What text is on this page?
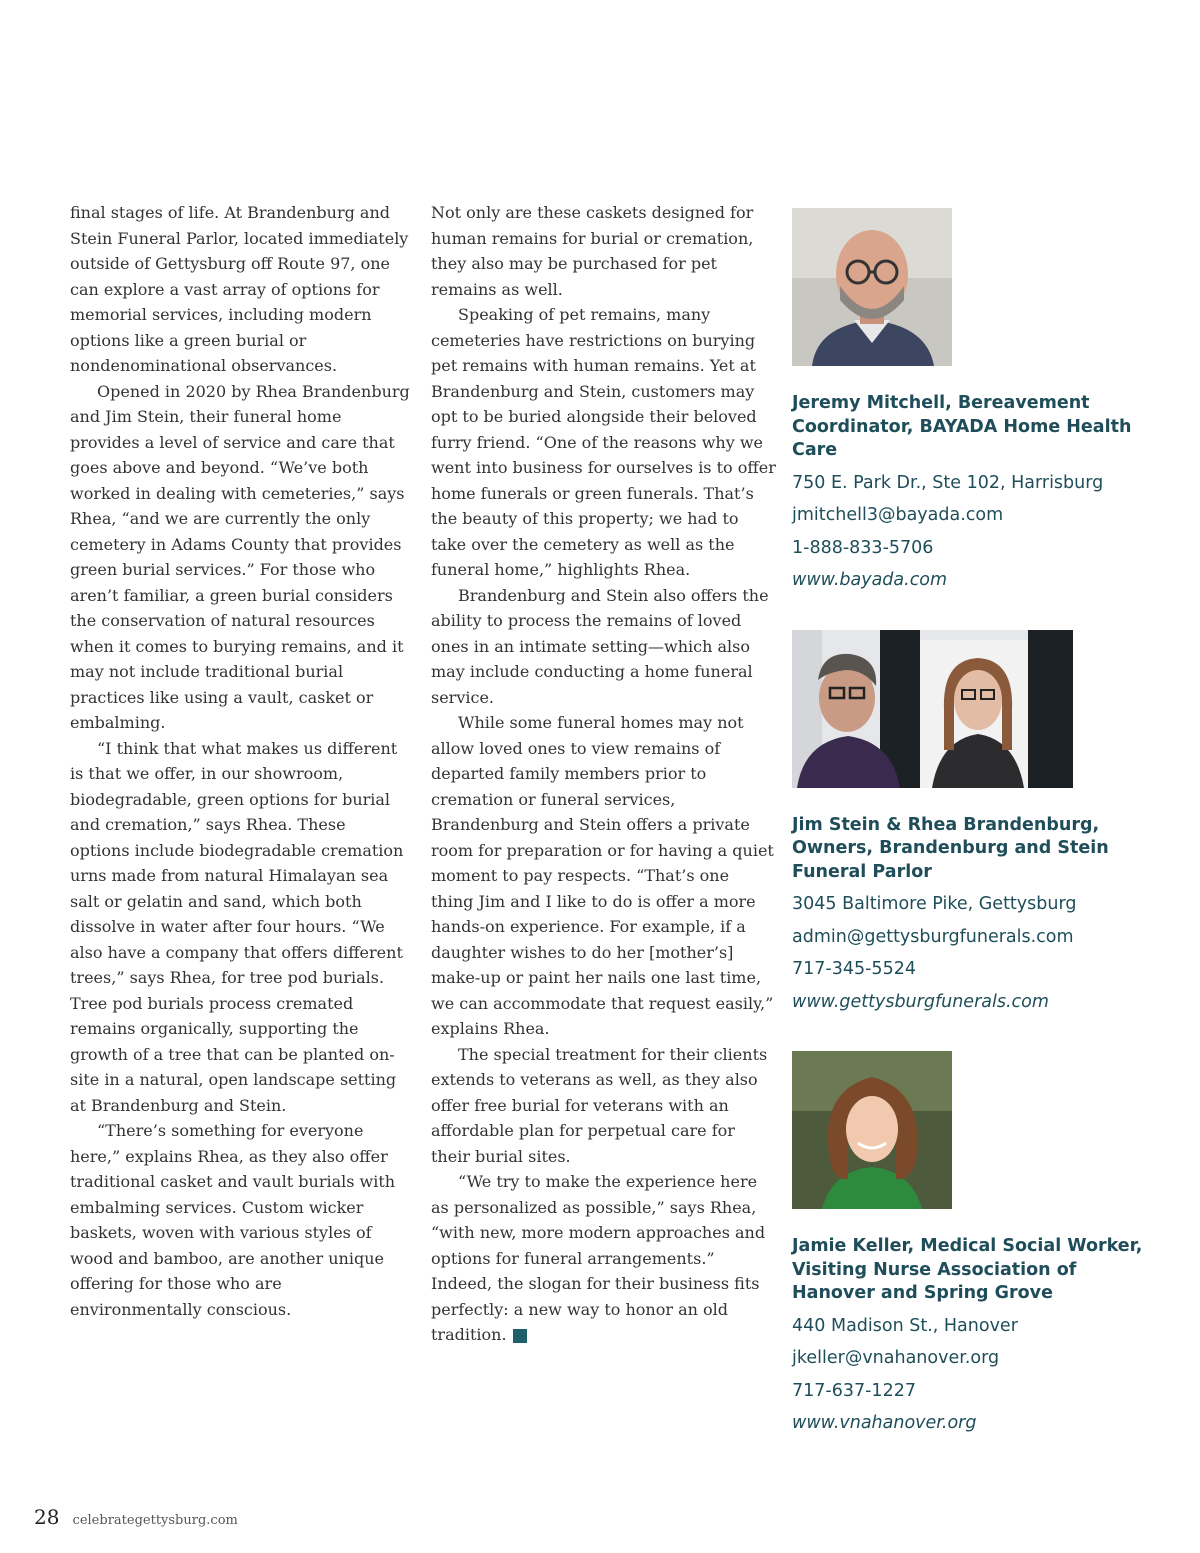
final stages of life. At Brandenburg and Stein Funeral Parlor, located immediately outside of Gettysburg off Route 97, one can explore a vast array of options for memorial services, including modern options like a green burial or nondenominational observances.

Opened in 2020 by Rhea Brandenburg and Jim Stein, their funeral home provides a level of service and care that goes above and beyond. “We’ve both worked in dealing with cemeteries,” says Rhea, “and we are currently the only cemetery in Adams County that provides green burial services.” For those who aren’t familiar, a green burial considers the conservation of natural resources when it comes to burying remains, and it may not include traditional burial practices like using a vault, casket or embalming.

“I think that what makes us different is that we offer, in our showroom, biodegradable, green options for burial and cremation,” says Rhea. These options include biodegradable cremation urns made from natural Himalayan sea salt or gelatin and sand, which both dissolve in water after four hours. “We also have a company that offers different trees,” says Rhea, for tree pod burials. Tree pod burials process cremated remains organically, supporting the growth of a tree that can be planted on-site in a natural, open landscape setting at Brandenburg and Stein.

“There’s something for everyone here,” explains Rhea, as they also offer traditional casket and vault burials with embalming services. Custom wicker baskets, woven with various styles of wood and bamboo, are another unique offering for those who are environmentally conscious.

Not only are these caskets designed for human remains for burial or cremation, they also may be purchased for pet remains as well.

Speaking of pet remains, many cemeteries have restrictions on burying pet remains with human remains. Yet at Brandenburg and Stein, customers may opt to be buried alongside their beloved furry friend. “One of the reasons why we went into business for ourselves is to offer home funerals or green funerals. That’s the beauty of this property; we had to take over the cemetery as well as the funeral home,” highlights Rhea.

Brandenburg and Stein also offers the ability to process the remains of loved ones in an intimate setting—which also may include conducting a home funeral service.

While some funeral homes may not allow loved ones to view remains of departed family members prior to cremation or funeral services, Brandenburg and Stein offers a private room for preparation or for having a quiet moment to pay respects. “That’s one thing Jim and I like to do is offer a more hands-on experience. For example, if a daughter wishes to do her [mother’s] make-up or paint her nails one last time, we can accommodate that request easily,” explains Rhea.

The special treatment for their clients extends to veterans as well, as they also offer free burial for veterans with an affordable plan for perpetual care for their burial sites.

“We try to make the experience here as personalized as possible,” says Rhea, “with new, more modern approaches and options for funeral arrangements.” Indeed, the slogan for their business fits perfectly: a new way to honor an old tradition.	G

Jeremy Mitchell, Bereavement Coordinator, BAYADA Home Health Care
750 E. Park Dr., Ste 102, Harrisburg
jmitchell3@bayada.com
1-888-833-5706
www.bayada.com
Jim Stein & Rhea Brandenburg, Owners, Brandenburg and Stein Funeral Parlor
3045 Baltimore Pike, Gettysburg
admin@gettysburgfunerals.com
717-345-5524
www.gettysburgfunerals.com
Jamie Keller, Medical Social Worker, Visiting Nurse Association of Hanover and Spring Grove
440 Madison St., Hanover
jkeller@vnahanover.org
717-637-1227
www.vnahanover.org
28 celebrategettysburg.com
